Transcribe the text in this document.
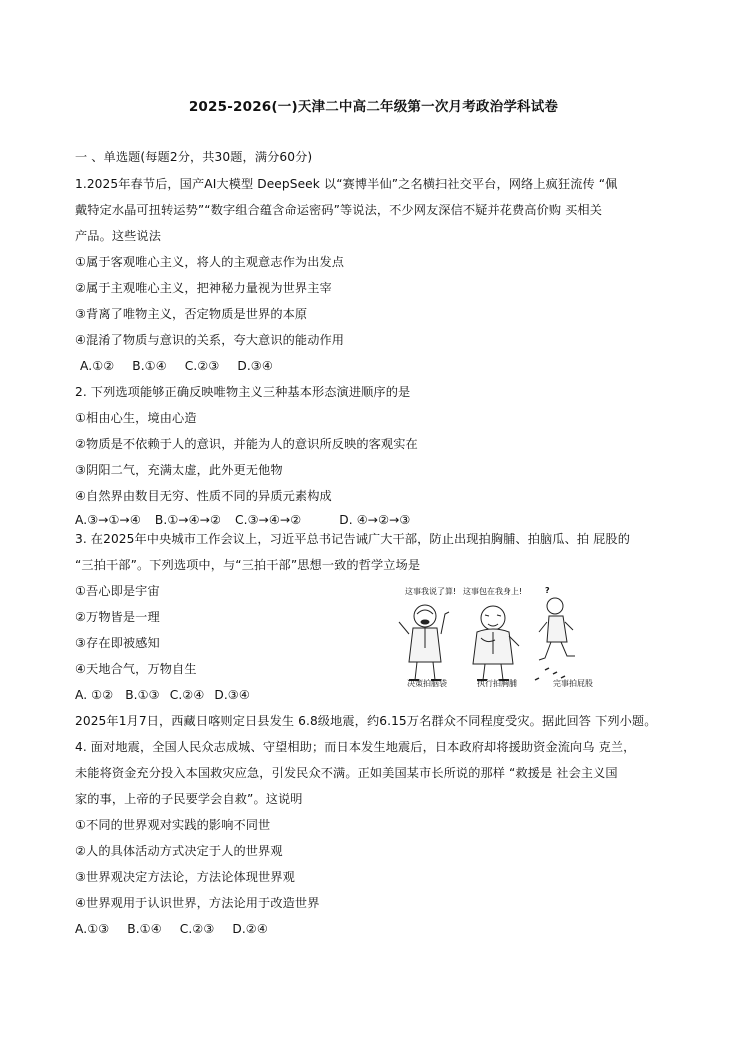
2025-2026(一)天津二中高二年级第一次月考政治学科试卷
一 、单选题(每题2分，共30题，满分60分)
1.2025年春节后，国产AI大模型 DeepSeek 以“赛博半仙”之名横扫社交平台，网络上疯狂流传 “佩
戴特定水晶可扭转运势”“数字组合蕴含命运密码”等说法，不少网友深信不疑并花费高价购 买相关
产品。这些说法
①属于客观唯心主义，将人的主观意志作为出发点
②属于主观唯心主义，把神秘力量视为世界主宰
③背离了唯物主义，否定物质是世界的本原
④混淆了物质与意识的关系，夸大意识的能动作用
A.①② B.①④ C.②③ D.③④
2. 下列选项能够正确反映唯物主义三种基本形态演进顺序的是
①相由心生，境由心造
②物质是不依赖于人的意识，并能为人的意识所反映的客观实在
③阴阳二气，充满太虚，此外更无他物
④自然界由数目无穷、性质不同的异质元素构成
A.③→①→④ B.①→④→② C.③→④→②	D. ④→②→③
3. 在2025年中央城市工作会议上，习近平总书记告诫广大干部，防止出现拍胸脯、拍脑瓜、拍 屁股的
“三拍干部”。下列选项中，与“三拍干部”思想一致的哲学立场是
①吾心即是宇宙
②万物皆是一理
③存在即被感知
④天地合气，万物自生
A. ①② B.①③ C.②④ D.③④
这事我说了算! 这事包在我身上!	?
决策拍脑袋	执行拍胸脯	完事拍屁股
2025年1月7日，西藏日喀则定日县发生 6.8级地震，约6.15万名群众不同程度受灾。据此回答 下列小题。
4. 面对地震，全国人民众志成城、守望相助；而日本发生地震后，日本政府却将援助资金流向乌 克兰，
未能将资金充分投入本国救灾应急，引发民众不满。正如美国某市长所说的那样 “救援是 社会主义国
家的事，上帝的子民要学会自救”。这说明
①不同的世界观对实践的影响不同世
②人的具体活动方式决定于人的世界观
③世界观决定方法论，方法论体现世界观
④世界观用于认识世界，方法论用于改造世界
A.①③ B.①④ C.②③ D.②④
